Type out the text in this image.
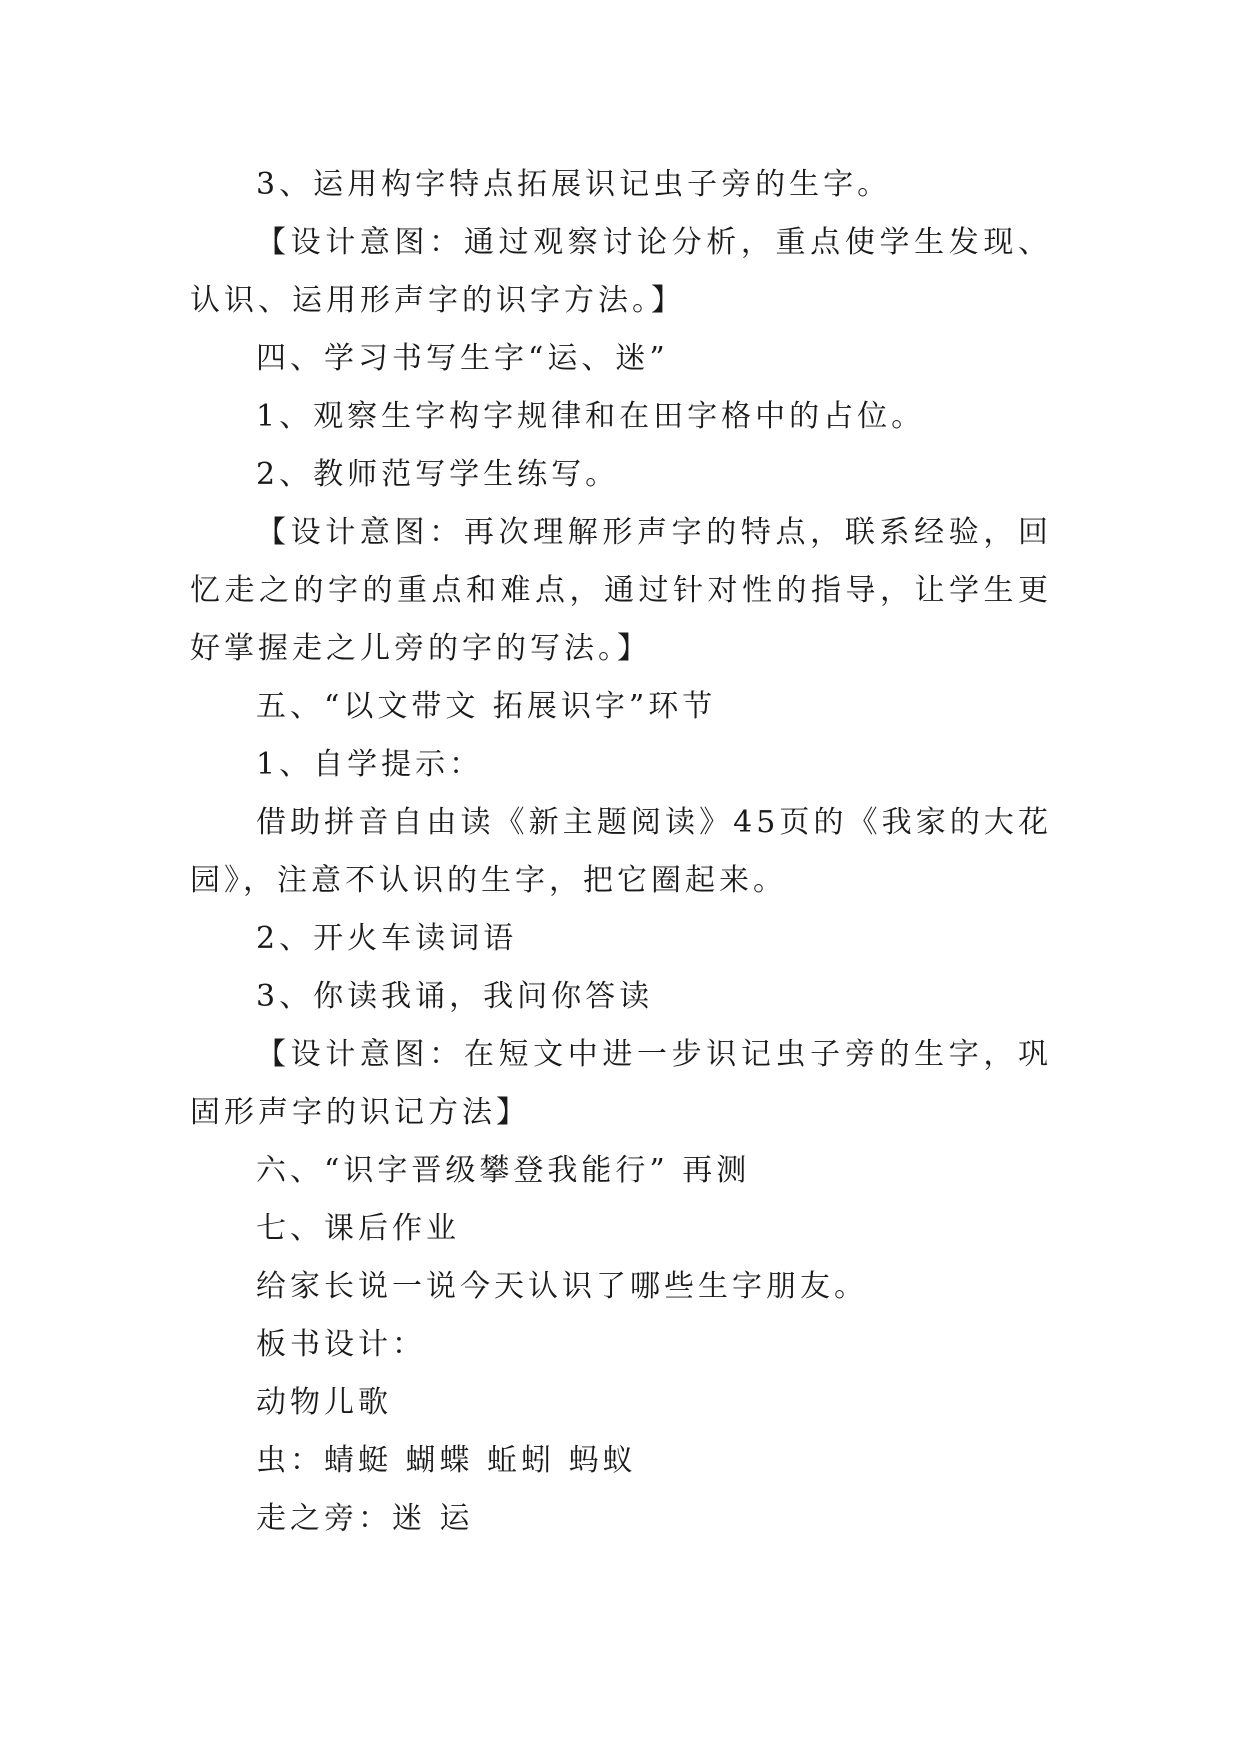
3、运用构字特点拓展识记虫子旁的生字。

【设计意图：通过观察讨论分析，重点使学生发现、认识、运用形声字的识字方法。】

四、学习书写生字“运、迷”

1、观察生字构字规律和在田字格中的占位。

2、教师范写学生练写。

【设计意图：再次理解形声字的特点，联系经验，回忆走之的字的重点和难点，通过针对性的指导，让学生更好掌握走之儿旁的字的写法。】

五、“以文带文 拓展识字”环节

1、自学提示：

借助拼音自由读《新主题阅读》45页的《我家的大花园》，注意不认识的生字，把它圈起来。

2、开火车读词语

3、你读我诵，我问你答读

【设计意图：在短文中进一步识记虫子旁的生字，巩固形声字的识记方法】

六、“识字晋级攀登我能行” 再测

七、课后作业

给家长说一说今天认识了哪些生字朋友。

板书设计：

动物儿歌

虫：蜻蜓 蝴蝶 蚯蚓 蚂蚁

走之旁：迷 运
